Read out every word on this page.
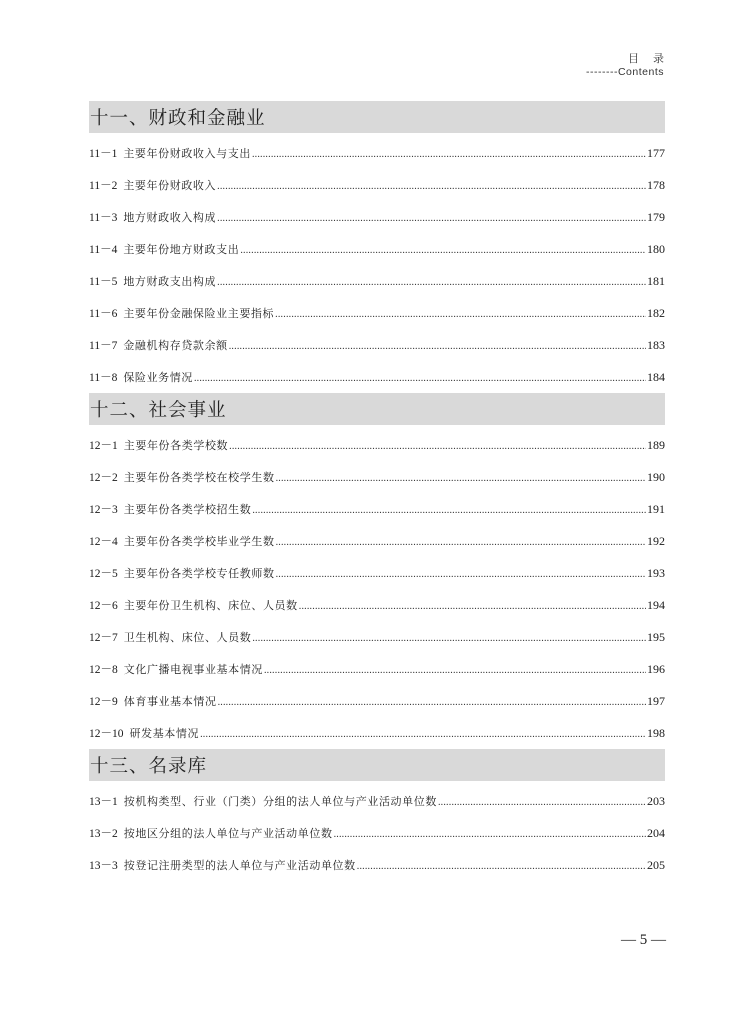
目录
--------Contents
十一、财政和金融业
11－1 主要年份财政收入与支出 .....	177
11－2 主要年份财政收入 .....	178
11－3 地方财政收入构成 .....	179
11－4 主要年份地方财政支出 .....	180
11－5 地方财政支出构成 .....	181
11－6 主要年份金融保险业主要指标 .....	182
11－7 金融机构存贷款余额 .....	183
11－8 保险业务情况 .....	184
十二、社会事业
12－1 主要年份各类学校数 .....	189
12－2 主要年份各类学校在校学生数 .....	190
12－3 主要年份各类学校招生数 .....	191
12－4 主要年份各类学校毕业学生数 .....	192
12－5 主要年份各类学校专任教师数 .....	193
12－6 主要年份卫生机构、床位、人员数 .....	194
12－7 卫生机构、床位、人员数 .....	195
12－8 文化广播电视事业基本情况 .....	196
12－9 体育事业基本情况 .....	197
12－10 研发基本情况 .....	198
十三、名录库
13－1 按机构类型、行业（门类）分组的法人单位与产业活动单位数 .....	203
13－2 按地区分组的法人单位与产业活动单位数 .....	204
13－3 按登记注册类型的法人单位与产业活动单位数 .....	205
— 5 —
